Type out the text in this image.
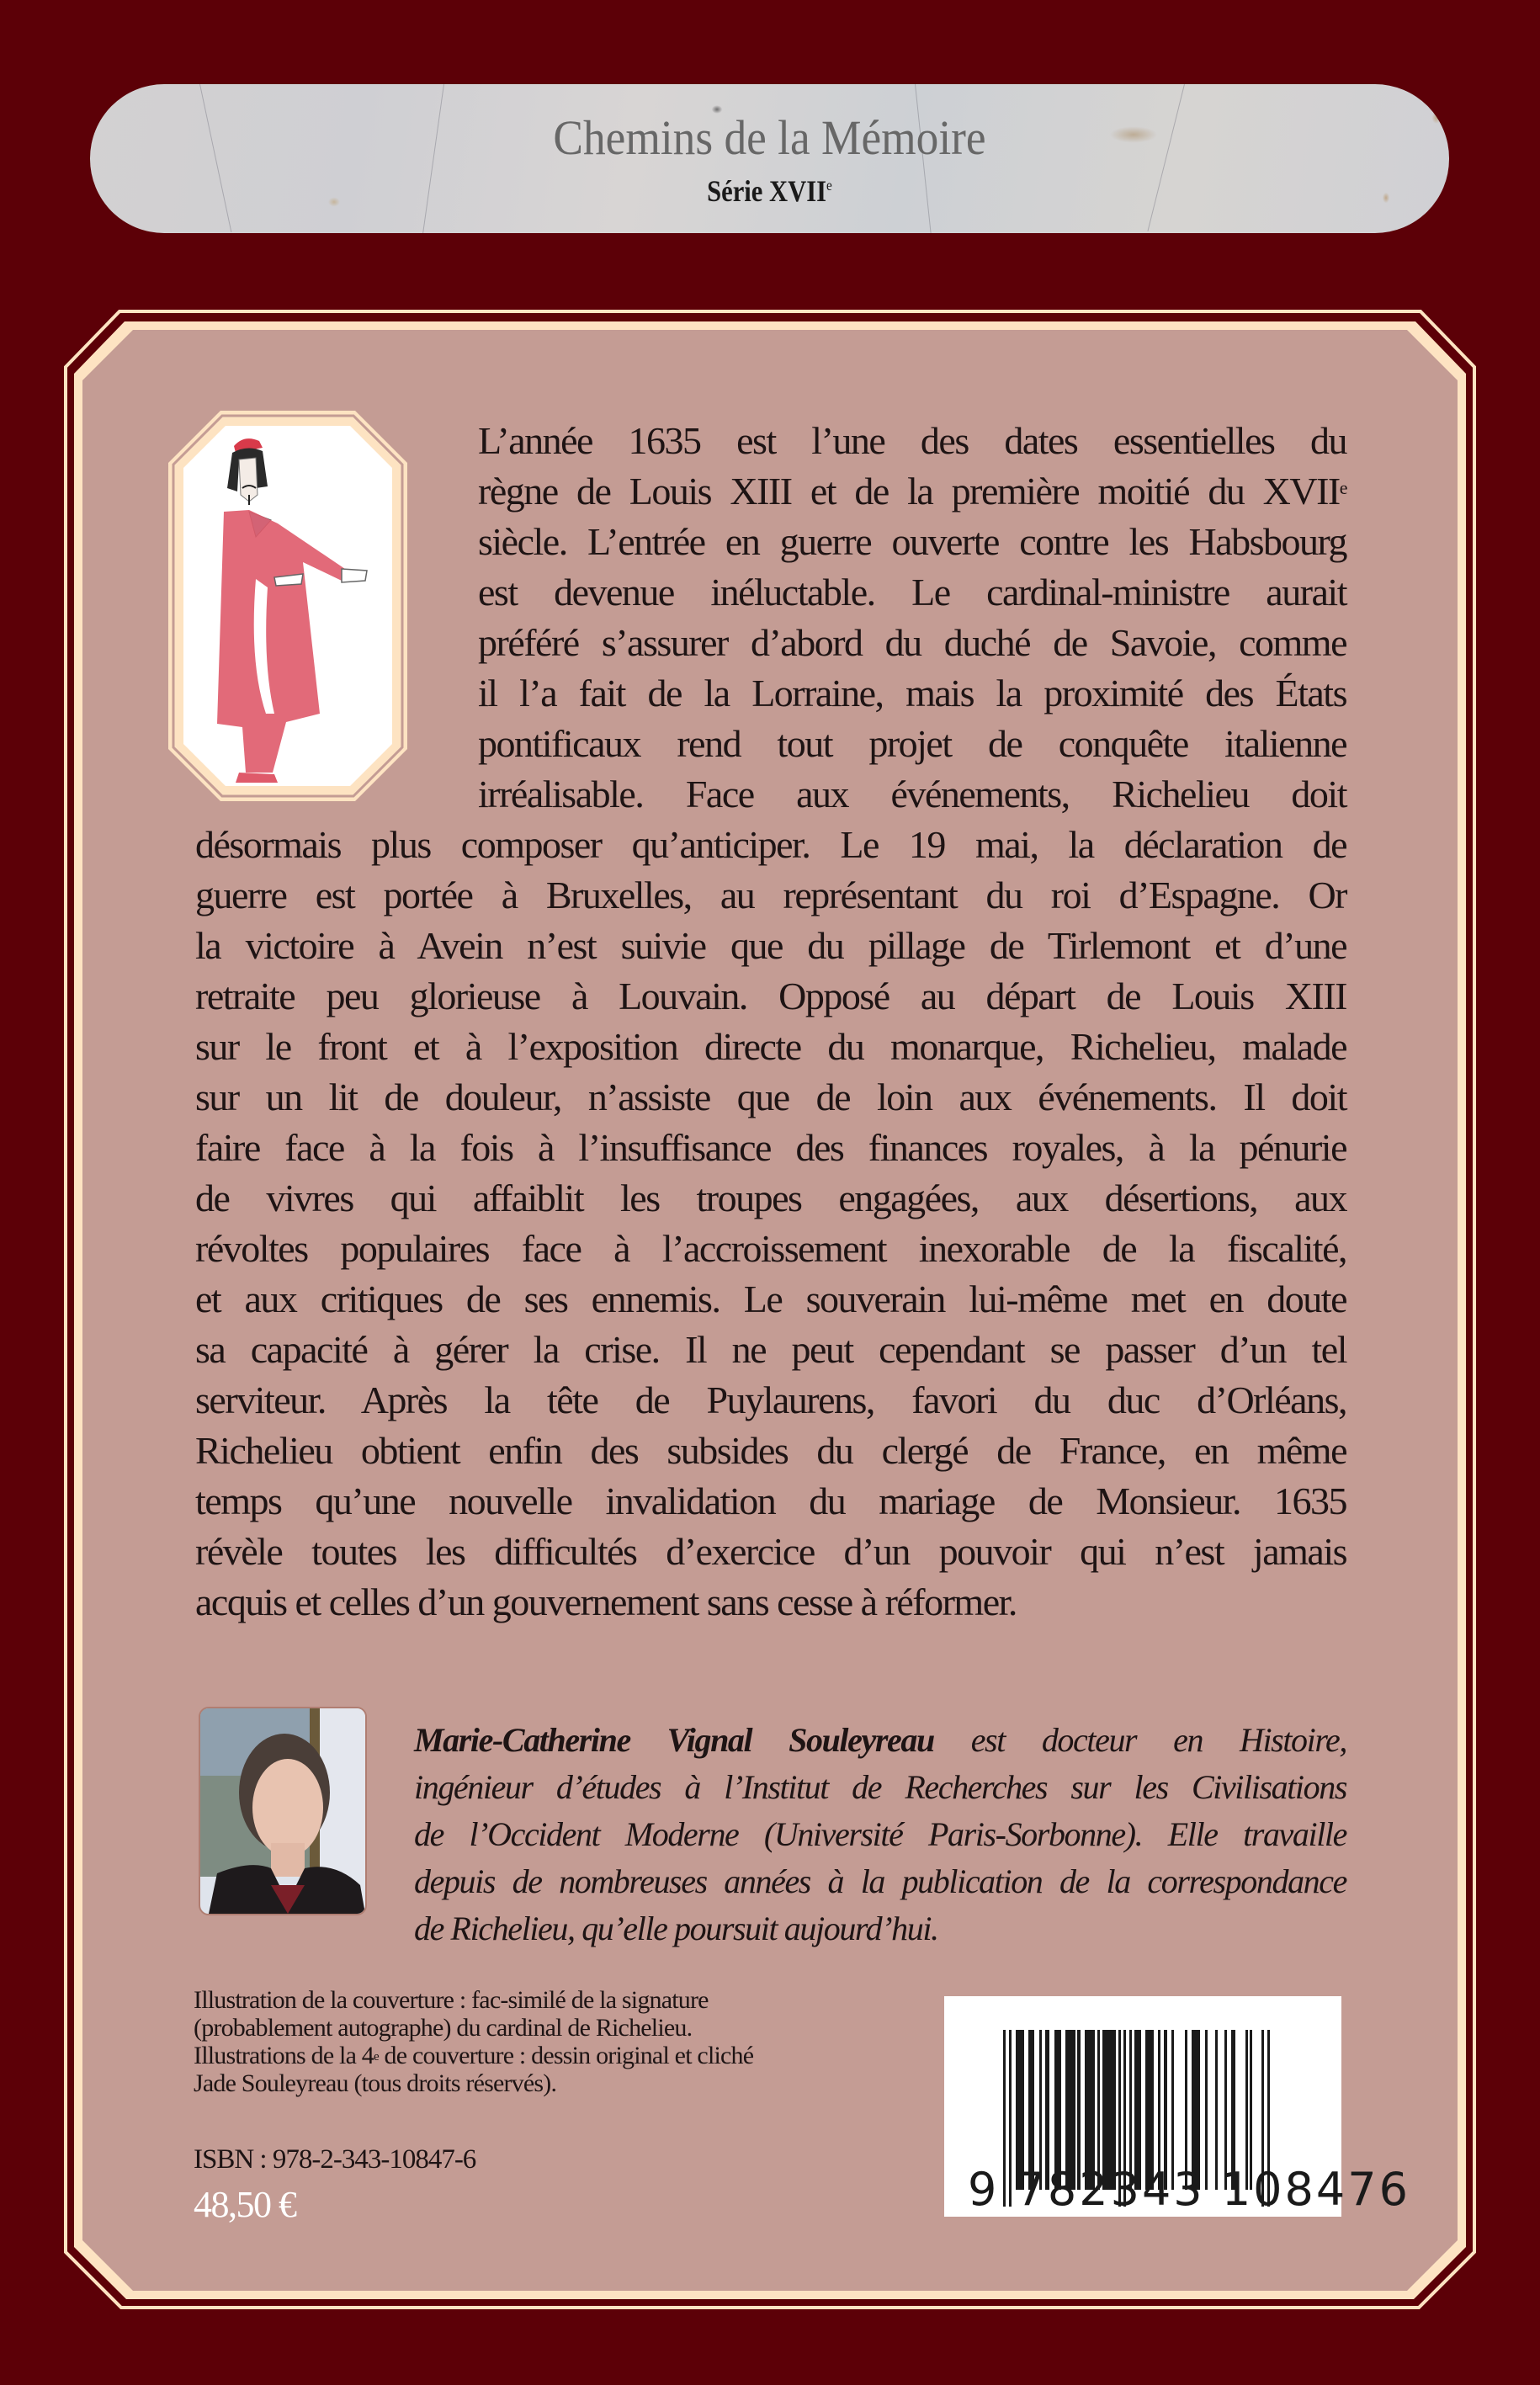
Chemins de la Mémoire
Série XVIIe
L’année 1635 est l’une des dates essentielles du
règne de Louis XIII et de la première moitié du XVIIe
siècle. L’entrée en guerre ouverte contre les Habsbourg
est devenue inéluctable. Le cardinal-ministre aurait
préféré s’assurer d’abord du duché de Savoie, comme
il l’a fait de la Lorraine, mais la proximité des États
pontificaux rend tout projet de conquête italienne
irréalisable. Face aux événements, Richelieu doit
désormais plus composer qu’anticiper. Le 19 mai, la déclaration de
guerre est portée à Bruxelles, au représentant du roi d’Espagne. Or
la victoire à Avein n’est suivie que du pillage de Tirlemont et d’une
retraite peu glorieuse à Louvain. Opposé au départ de Louis XIII
sur le front et à l’exposition directe du monarque, Richelieu, malade
sur un lit de douleur, n’assiste que de loin aux événements. Il doit
faire face à la fois à l’insuffisance des finances royales, à la pénurie
de vivres qui affaiblit les troupes engagées, aux désertions, aux
révoltes populaires face à l’accroissement inexorable de la fiscalité,
et aux critiques de ses ennemis. Le souverain lui-même met en doute
sa capacité à gérer la crise. Il ne peut cependant se passer d’un tel
serviteur. Après la tête de Puylaurens, favori du duc d’Orléans,
Richelieu obtient enfin des subsides du clergé de France, en même
temps qu’une nouvelle invalidation du mariage de Monsieur. 1635
révèle toutes les difficultés d’exercice d’un pouvoir qui n’est jamais
acquis et celles d’un gouvernement sans cesse à réformer.
Marie-Catherine Vignal Souleyreau est docteur en Histoire,
ingénieur d’études à l’Institut de Recherches sur les Civilisations
de l’Occident Moderne (Université Paris-Sorbonne). Elle travaille
depuis de nombreuses années à la publication de la correspondance
de Richelieu, qu’elle poursuit aujourd’hui.
Illustration de la couverture : fac-similé de la signature
(probablement autographe) du cardinal de Richelieu.
Illustrations de la 4e de couverture : dessin original et cliché
Jade Souleyreau (tous droits réservés).
ISBN : 978-2-343-10847-6
48,50 €	9 782343 108476
